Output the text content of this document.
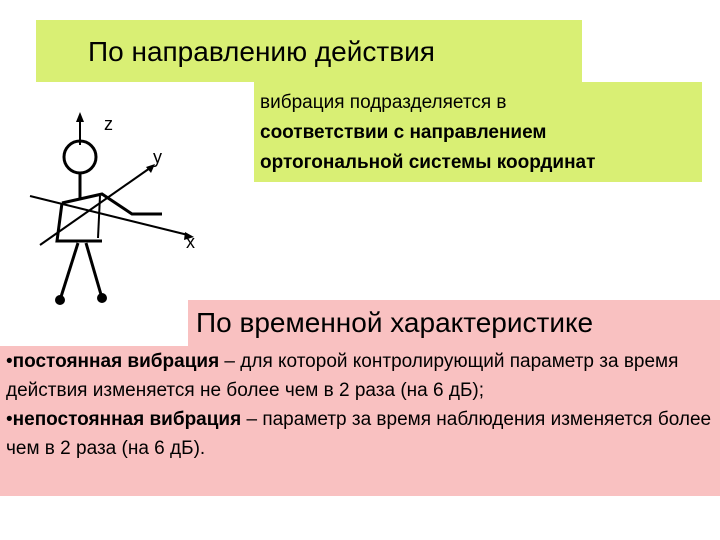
По направлению действия
вибрация подразделяется в
соответствии с направлением
ортогональной системы координат
z
y
x
По временной характеристике
•постоянная вибрация – для которой контролирующий параметр за время действия изменяется не более чем в 2 раза (на 6 дБ);
•непостоянная вибрация – параметр за время наблюдения изменяется более чем в 2 раза (на 6 дБ).
